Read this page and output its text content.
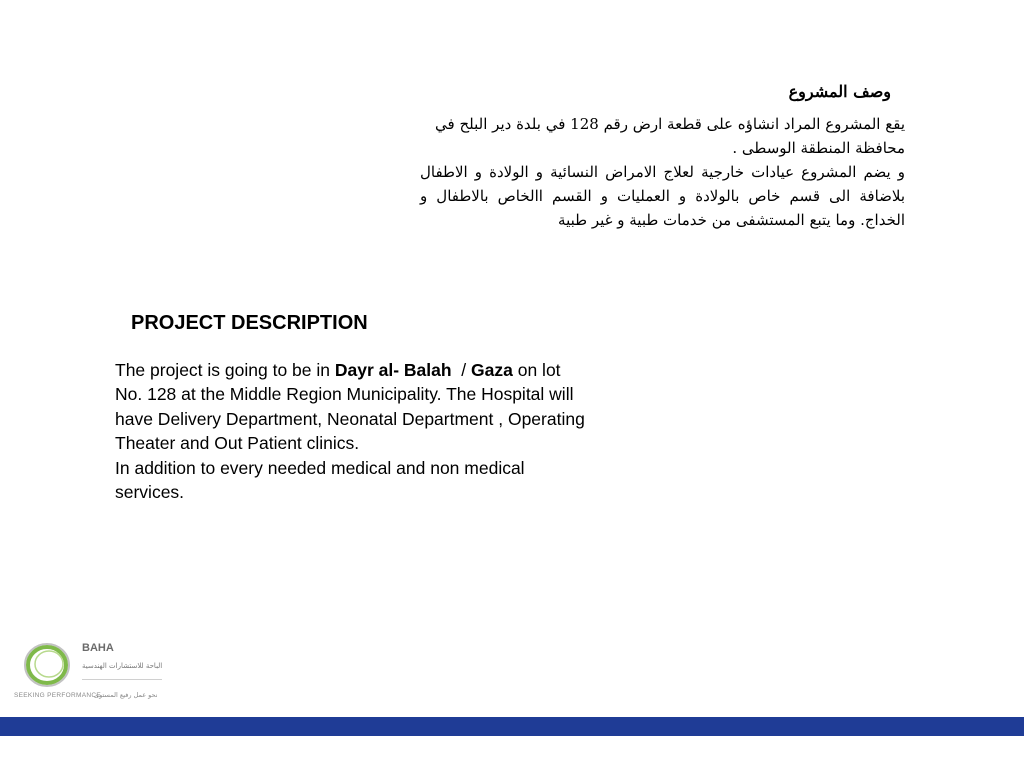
وصف المشروع

يقع المشروع المراد انشاؤه على قطعة ارض رقم 128 في بلدة دير البلح في

محافظة المنطقة الوسطى .

و يضم المشروع عيادات خارجية لعلاج الامراض النسائية و الولادة و الاطفال بلاضافة الى قسم خاص بالولادة و العمليات و القسم االخاص بالاطفال و الخداج. وما يتبع المستشفى من خدمات طبية و غير طبية

PROJECT DESCRIPTION
The project is going to be in Dayr al- Balah  / Gaza on lot No. 128 at the Middle Region Municipality. The Hospital will have Delivery Department, Neonatal Department , Operating Theater and Out Patient clinics.
In addition to every needed medical and non medical services.
BAHA
الباحة للاستشارات الهندسية
SEEKING PERFORMANCE
نحو عمل رفيع المستوى
